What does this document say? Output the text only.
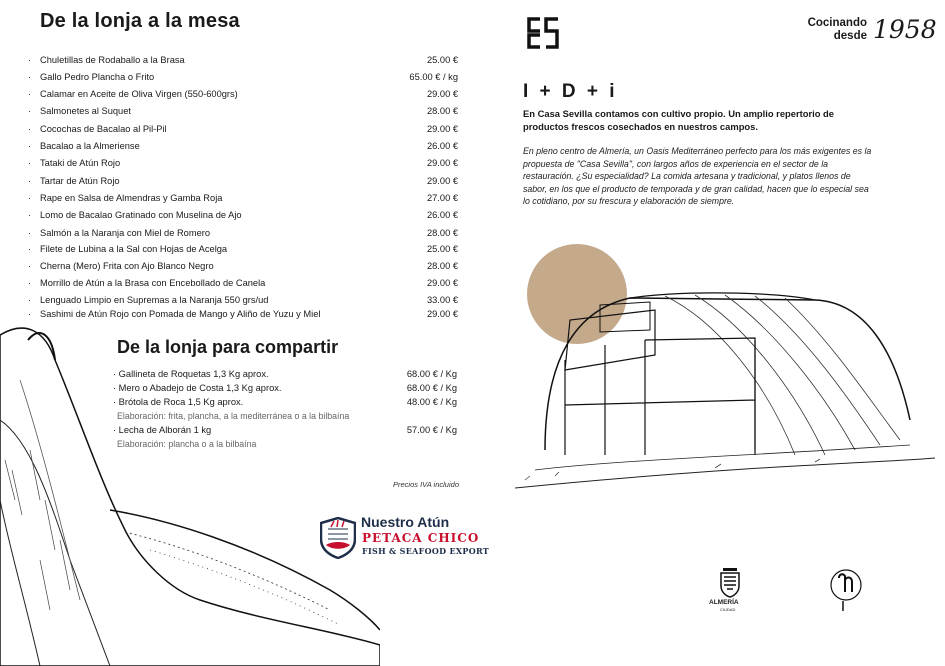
De la lonja a la mesa
· Chuletillas de Rodaballo a la Brasa	25.00 €
· Gallo Pedro Plancha o Frito	65.00 € / kg
· Calamar en Aceite de Oliva Virgen (550-600grs)	29.00 €
· Salmonetes al Suquet	28.00 €
· Cocochas de Bacalao al Pil-Pil	29.00 €
· Bacalao a la Almeriense	26.00 €
· Tataki de Atún Rojo	29.00 €
· Tartar de Atún Rojo	29.00 €
· Rape en Salsa de Almendras y Gamba Roja	27.00 €
· Lomo de Bacalao Gratinado con Muselina de Ajo	26.00 €
· Salmón a la Naranja con Miel de Romero	28.00 €
· Filete de Lubina a la Sal con Hojas de Acelga	25.00 €
· Cherna (Mero) Frita con Ajo Blanco Negro	28.00 €
· Morrillo de Atún a la Brasa con Encebollado de Canela	29.00 €
· Lenguado Limpio en Supremas a la Naranja 550 grs/ud	33.00 €
· Sashimi de Atún Rojo con Pomada de Mango y Aliño de Yuzu y Miel	29.00 €
De la lonja para compartir
· Gallineta de Roquetas 1,3 Kg aprox.	68.00 € / Kg
· Mero o Abadejo de Costa 1,3 Kg aprox.	68.00 € / Kg
· Brótola de Roca 1,5 Kg aprox.	48.00 € / Kg
Elaboración: frita, plancha, a la mediterránea o a la bilbaína
· Lecha de Alborán 1 kg	57.00 € / Kg
Elaboración: plancha o a la bilbaína
Precios IVA incluido
Nuestro Atún
PETACA CHICO
FISH & SEAFOOD EXPORT
Cocinando
desde 1958
I + D + i
En Casa Sevilla contamos con cultivo propio. Un amplio repertorio de productos frescos cosechados en nuestros campos.
En pleno centro de Almería, un Oasis Mediterráneo perfecto para los más exigentes es la propuesta de "Casa Sevilla", con largos años de experiencia en el sector de la restauración. ¿Su especialidad? La comida artesana y tradicional, y platos llenos de sabor, en los que el producto de temporada y de gran calidad, hacen que lo especial sea lo cotidiano, por su frescura y elaboración de siempre.
ALMERÍA
CIUDAD
